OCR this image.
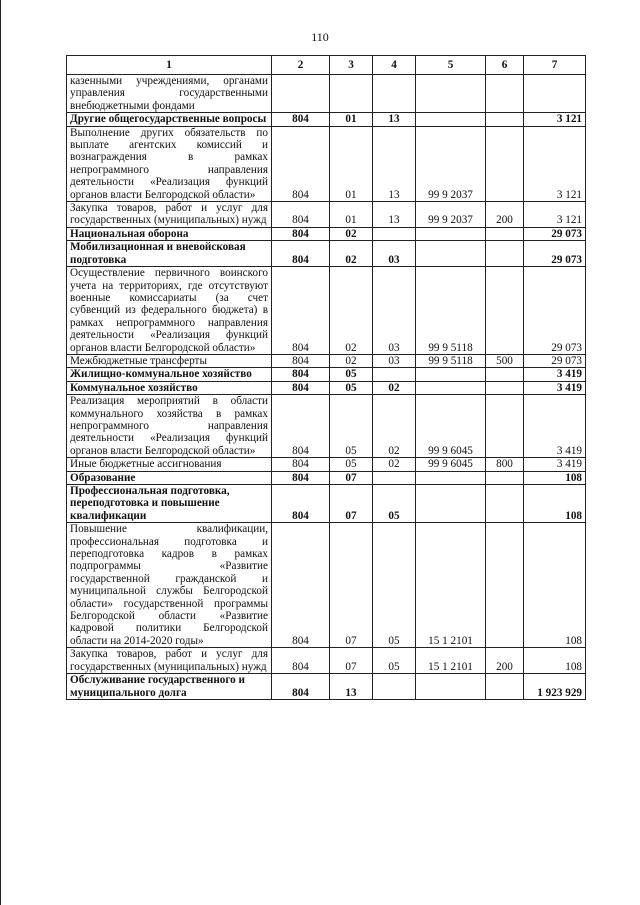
110
1	2	3	4	5	6	7
казенными учреждениями, органами управления государственными внебюджетными фондами						
Другие общегосударственные вопросы	804	01	13			3 121
Выполнение других обязательств по выплате агентских комиссий и вознаграждения в рамках непрограммного направления деятельности «Реализация функций органов власти Белгородской области»	804	01	13	99 9 2037		3 121
Закупка товаров, работ и услуг для государственных (муниципальных) нужд	804	01	13	99 9 2037	200	3 121
Национальная оборона	804	02				29 073
Мобилизационная и вневойсковая подготовка	804	02	03			29 073
Осуществление первичного воинского учета на территориях, где отсутствуют военные комиссариаты (за счет субвенций из федерального бюджета) в рамках непрограммного направления деятельности «Реализация функций органов власти Белгородской области»	804	02	03	99 9 5118		29 073
Межбюджетные трансферты	804	02	03	99 9 5118	500	29 073
Жилищно-коммунальное хозяйство	804	05				3 419
Коммунальное хозяйство	804	05	02			3 419
Реализация мероприятий в области коммунального хозяйства в рамках непрограммного направления деятельности «Реализация функций органов власти Белгородской области»	804	05	02	99 9 6045		3 419
Иные бюджетные ассигнования	804	05	02	99 9 6045	800	3 419
Образование	804	07				108
Профессиональная подготовка, переподготовка и повышение квалификации	804	07	05			108
Повышение квалификации, профессиональная подготовка и переподготовка кадров в рамках подпрограммы «Развитие государственной гражданской и муниципальной службы Белгородской области» государственной программы Белгородской области «Развитие кадровой политики Белгородской области на 2014-2020 годы»	804	07	05	15 1 2101		108
Закупка товаров, работ и услуг для государственных (муниципальных) нужд	804	07	05	15 1 2101	200	108
Обслуживание государственного и муниципального долга	804	13				1 923 929
